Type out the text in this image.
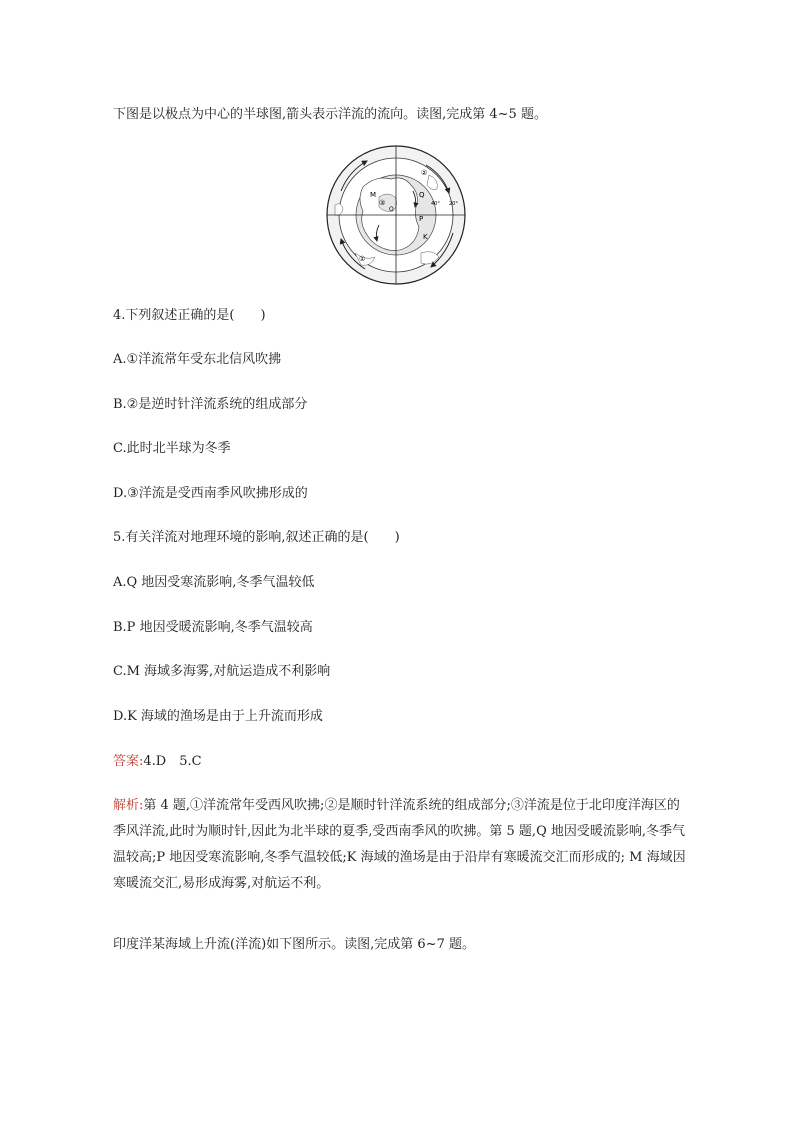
下图是以极点为中心的半球图,箭头表示洋流的流向。读图,完成第 4~5 题。
M	Q
P
K
O
②
①
③	40° 20°
4.下列叙述正确的是(　　)
A.①洋流常年受东北信风吹拂
B.②是逆时针洋流系统的组成部分
C.此时北半球为冬季
D.③洋流是受西南季风吹拂形成的
5.有关洋流对地理环境的影响,叙述正确的是(　　)
A.Q 地因受寒流影响,冬季气温较低
B.P 地因受暖流影响,冬季气温较高
C.M 海域多海雾,对航运造成不利影响
D.K 海域的渔场是由于上升流而形成
答案:4.D　5.C
解析:第 4 题,①洋流常年受西风吹拂;②是顺时针洋流系统的组成部分;③洋流是位于北印度洋海区的季风洋流,此时为顺时针,因此为北半球的夏季,受西南季风的吹拂。第 5 题,Q 地因受暖流影响,冬季气温较高;P 地因受寒流影响,冬季气温较低;K 海域的渔场是由于沿岸有寒暖流交汇而形成的; M 海域因寒暖流交汇,易形成海雾,对航运不利。
印度洋某海域上升流(洋流)如下图所示。读图,完成第 6~7 题。
